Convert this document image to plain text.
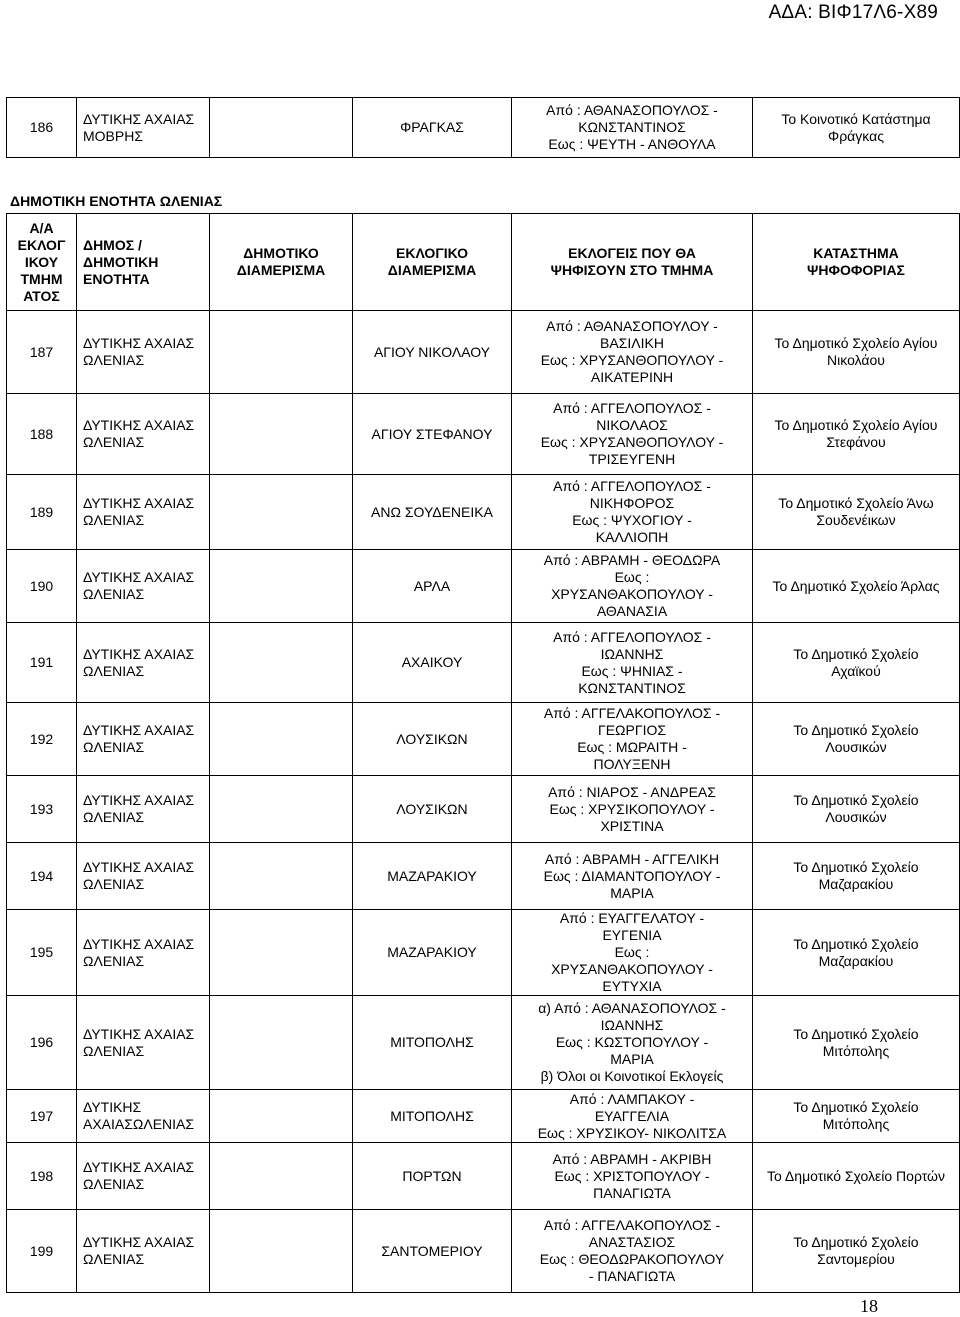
ΑΔΑ: ΒΙΦ17Λ6-Χ89
186	ΔΥΤΙΚΗΣ ΑΧΑΙΑΣ
ΜΟΒΡΗΣ		ΦΡΑΓΚΑΣ	Από : ΑΘΑΝΑΣΟΠΟΥΛΟΣ -
ΚΩΝΣΤΑΝΤΙΝΟΣ
Εως : ΨΕΥΤΗ - ΑΝΘΟΥΛΑ	Το Κοινοτικό Κατάστημα
Φράγκας
ΔΗΜΟΤΙΚΗ ΕΝΟΤΗΤΑ ΩΛΕΝΙΑΣ
Α/Α
ΕΚΛΟΓ
ΙΚΟΥ
ΤΜΗΜ
ΑΤΟΣ	ΔΗΜΟΣ /
ΔΗΜΟΤΙΚΗ
ΕΝΟΤΗΤΑ	ΔΗΜΟΤΙΚΟ
ΔΙΑΜΕΡΙΣΜΑ	ΕΚΛΟΓΙΚΟ
ΔΙΑΜΕΡΙΣΜΑ	ΕΚΛΟΓΕΙΣ ΠΟΥ ΘΑ
ΨΗΦΙΣΟΥΝ ΣΤΟ ΤΜΗΜΑ	ΚΑΤΑΣΤΗΜΑ
ΨΗΦΟΦΟΡΙΑΣ
187	ΔΥΤΙΚΗΣ ΑΧΑΙΑΣ
ΩΛΕΝΙΑΣ		ΑΓΙΟΥ ΝΙΚΟΛΑΟΥ	Από : ΑΘΑΝΑΣΟΠΟΥΛΟΥ -
ΒΑΣΙΛΙΚΗ
Εως : ΧΡΥΣΑΝΘΟΠΟΥΛΟΥ -
ΑΙΚΑΤΕΡΙΝΗ	Το Δημοτικό Σχολείο Αγίου
Νικολάου
188	ΔΥΤΙΚΗΣ ΑΧΑΙΑΣ
ΩΛΕΝΙΑΣ		ΑΓΙΟΥ ΣΤΕΦΑΝΟΥ	Από : ΑΓΓΕΛΟΠΟΥΛΟΣ -
ΝΙΚΟΛΑΟΣ
Εως : ΧΡΥΣΑΝΘΟΠΟΥΛΟΥ -
ΤΡΙΣΕΥΓΕΝΗ	Το Δημοτικό Σχολείο Αγίου
Στεφάνου
189	ΔΥΤΙΚΗΣ ΑΧΑΙΑΣ
ΩΛΕΝΙΑΣ		ΑΝΩ ΣΟΥΔΕΝΕΙΚΑ	Από : ΑΓΓΕΛΟΠΟΥΛΟΣ -
ΝΙΚΗΦΟΡΟΣ
Εως : ΨΥΧΟΓΙΟΥ -
ΚΑΛΛΙΟΠΗ	Το Δημοτικό Σχολείο Άνω
Σουδενέικων
190	ΔΥΤΙΚΗΣ ΑΧΑΙΑΣ
ΩΛΕΝΙΑΣ		ΑΡΛΑ	Από : ΑΒΡΑΜΗ - ΘΕΟΔΩΡΑ
Εως :
ΧΡΥΣΑΝΘΑΚΟΠΟΥΛΟΥ -
ΑΘΑΝΑΣΙΑ	Το Δημοτικό Σχολείο Άρλας
191	ΔΥΤΙΚΗΣ ΑΧΑΙΑΣ
ΩΛΕΝΙΑΣ		ΑΧΑΙΚΟΥ	Από : ΑΓΓΕΛΟΠΟΥΛΟΣ -
ΙΩΑΝΝΗΣ
Εως : ΨΗΝΙΑΣ -
ΚΩΝΣΤΑΝΤΙΝΟΣ	Το Δημοτικό Σχολείο
Αχαϊκού
192	ΔΥΤΙΚΗΣ ΑΧΑΙΑΣ
ΩΛΕΝΙΑΣ		ΛΟΥΣΙΚΩΝ	Από : ΑΓΓΕΛΑΚΟΠΟΥΛΟΣ -
ΓΕΩΡΓΙΟΣ
Εως : ΜΩΡΑΙΤΗ -
ΠΟΛΥΞΕΝΗ	Το Δημοτικό Σχολείο
Λουσικών
193	ΔΥΤΙΚΗΣ ΑΧΑΙΑΣ
ΩΛΕΝΙΑΣ		ΛΟΥΣΙΚΩΝ	Από : ΝΙΑΡΟΣ - ΑΝΔΡΕΑΣ
Εως : ΧΡΥΣΙΚΟΠΟΥΛΟΥ -
ΧΡΙΣΤΙΝΑ	Το Δημοτικό Σχολείο
Λουσικών
194	ΔΥΤΙΚΗΣ ΑΧΑΙΑΣ
ΩΛΕΝΙΑΣ		ΜΑΖΑΡΑΚΙΟΥ	Από : ΑΒΡΑΜΗ - ΑΓΓΕΛΙΚΗ
Εως : ΔΙΑΜΑΝΤΟΠΟΥΛΟΥ -
ΜΑΡΙΑ	Το Δημοτικό Σχολείο
Μαζαρακίου
195	ΔΥΤΙΚΗΣ ΑΧΑΙΑΣ
ΩΛΕΝΙΑΣ		ΜΑΖΑΡΑΚΙΟΥ	Από : ΕΥΑΓΓΕΛΑΤΟΥ -
ΕΥΓΕΝΙΑ
Εως :
ΧΡΥΣΑΝΘΑΚΟΠΟΥΛΟΥ -
ΕΥΤΥΧΙΑ	Το Δημοτικό Σχολείο
Μαζαρακίου
196	ΔΥΤΙΚΗΣ ΑΧΑΙΑΣ
ΩΛΕΝΙΑΣ		ΜΙΤΟΠΟΛΗΣ	α) Από : ΑΘΑΝΑΣΟΠΟΥΛΟΣ -
ΙΩΑΝΝΗΣ
Εως : ΚΩΣΤΟΠΟΥΛΟΥ -
ΜΑΡΙΑ
β) Όλοι οι Κοινοτικοί Εκλογείς	Το Δημοτικό Σχολείο
Μιτόπολης
197	ΔΥΤΙΚΗΣ
ΑΧΑΙΑΣΩΛΕΝΙΑΣ		ΜΙΤΟΠΟΛΗΣ	Από : ΛΑΜΠΑΚΟΥ -
ΕΥΑΓΓΕΛΙΑ
Εως : ΧΡΥΣΙΚΟΥ- ΝΙΚΟΛΙΤΣΑ	Το Δημοτικό Σχολείο
Μιτόπολης
198	ΔΥΤΙΚΗΣ ΑΧΑΙΑΣ
ΩΛΕΝΙΑΣ		ΠΟΡΤΩΝ	Από : ΑΒΡΑΜΗ - ΑΚΡΙΒΗ
Εως : ΧΡΙΣΤΟΠΟΥΛΟΥ -
ΠΑΝΑΓΙΩΤΑ	Το Δημοτικό Σχολείο Πορτών
199	ΔΥΤΙΚΗΣ ΑΧΑΙΑΣ
ΩΛΕΝΙΑΣ		ΣΑΝΤΟΜΕΡΙΟΥ	Από : ΑΓΓΕΛΑΚΟΠΟΥΛΟΣ -
ΑΝΑΣΤΑΣΙΟΣ
Εως : ΘΕΟΔΩΡΑΚΟΠΟΥΛΟΥ
- ΠΑΝΑΓΙΩΤΑ	Το Δημοτικό Σχολείο
Σαντομερίου
18
